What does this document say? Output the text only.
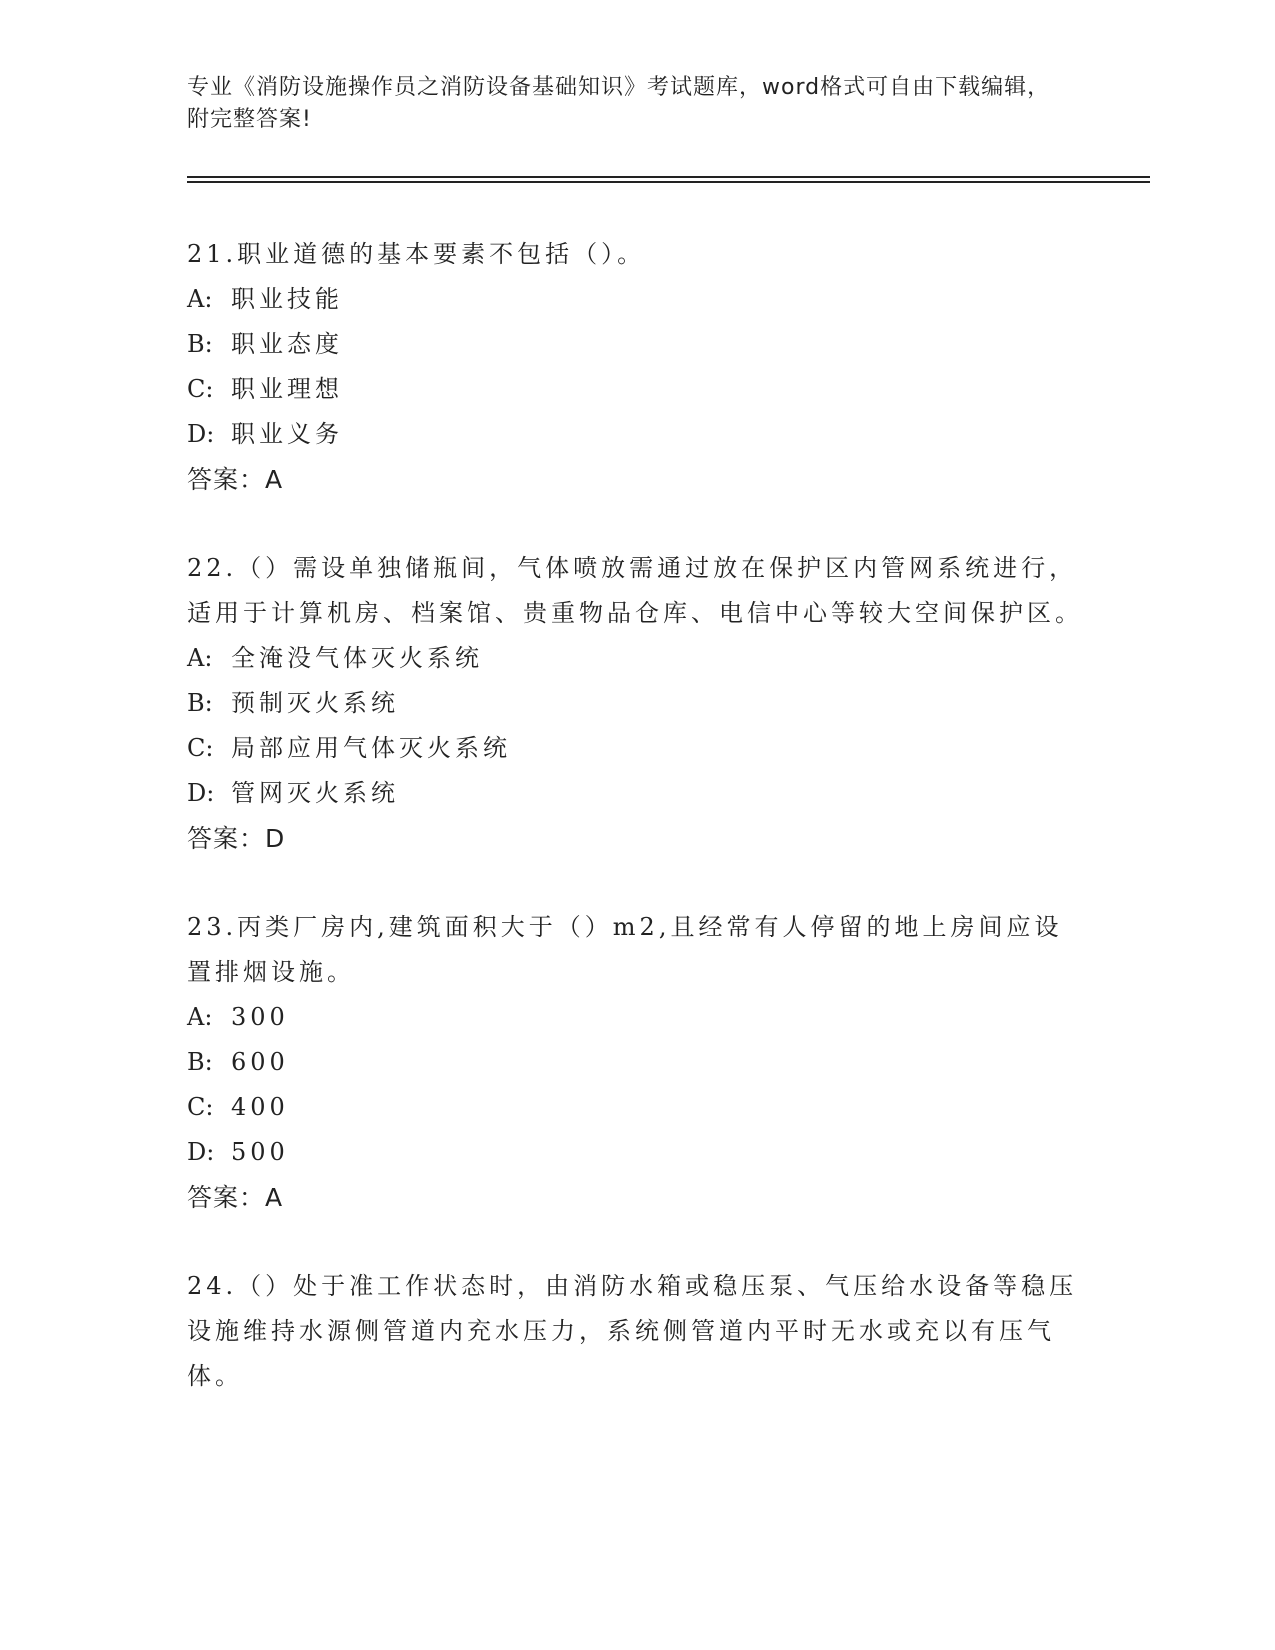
专业《消防设施操作员之消防设备基础知识》考试题库，word格式可自由下载编辑，附完整答案!
21.职业道德的基本要素不包括（）。
A: 职业技能
B: 职业态度
C: 职业理想
D: 职业义务
答案：A
22.（）需设单独储瓶间，气体喷放需通过放在保护区内管网系统进行，适用于计算机房、档案馆、贵重物品仓库、电信中心等较大空间保护区。
A: 全淹没气体灭火系统
B: 预制灭火系统
C: 局部应用气体灭火系统
D: 管网灭火系统
答案：D
23.丙类厂房内,建筑面积大于（）m2,且经常有人停留的地上房间应设置排烟设施。
A: 300
B: 600
C: 400
D: 500
答案：A
24.（）处于准工作状态时，由消防水箱或稳压泵、气压给水设备等稳压设施维持水源侧管道内充水压力，系统侧管道内平时无水或充以有压气体。
